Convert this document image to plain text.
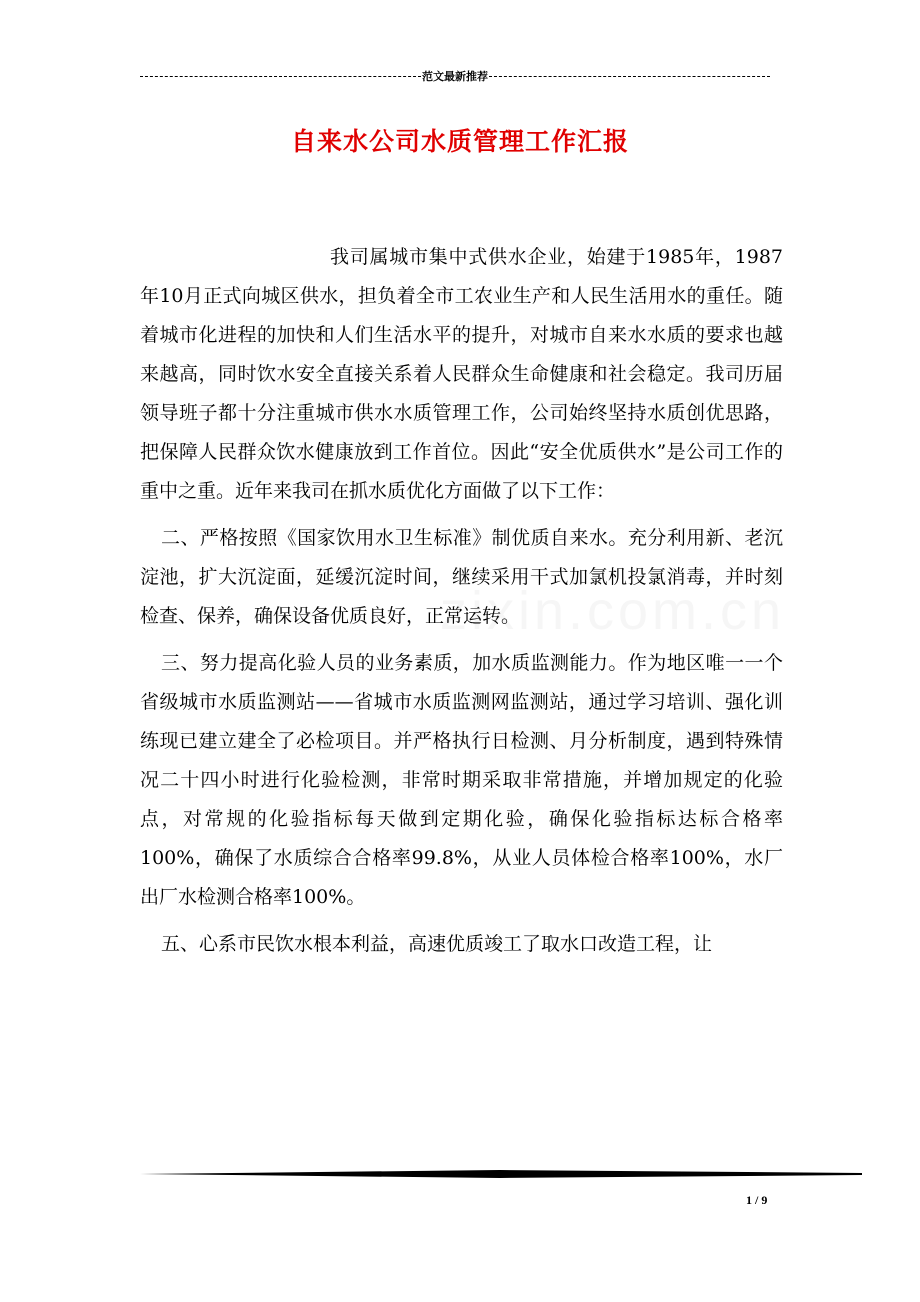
范文最新推荐
自来水公司水质管理工作汇报
zixin.com.cn

我司属城市集中式供水企业，始建于1985年，1987年10月正式向城区供水，担负着全市工农业生产和人民生活用水的重任。随着城市化进程的加快和人们生活水平的提升，对城市自来水水质的要求也越来越高，同时饮水安全直接关系着人民群众生命健康和社会稳定。我司历届领导班子都十分注重城市供水水质管理工作，公司始终坚持水质创优思路，把保障人民群众饮水健康放到工作首位。因此“安全优质供水”是公司工作的重中之重。近年来我司在抓水质优化方面做了以下工作：

二、严格按照《国家饮用水卫生标准》制优质自来水。充分利用新、老沉淀池，扩大沉淀面，延缓沉淀时间，继续采用干式加氯机投氯消毒，并时刻检查、保养，确保设备优质良好，正常运转。

三、努力提高化验人员的业务素质，加水质监测能力。作为地区唯一一个省级城市水质监测站——省城市水质监测网监测站，通过学习培训、强化训练现已建立建全了必检项目。并严格执行日检测、月分析制度，遇到特殊情况二十四小时进行化验检测，非常时期采取非常措施，并增加规定的化验点，对常规的化验指标每天做到定期化验，确保化验指标达标合格率100%，确保了水质综合合格率99.8%，从业人员体检合格率100%，水厂出厂水检测合格率100%。

五、心系市民饮水根本利益，高速优质竣工了取水口改造工程，让

1 / 9
